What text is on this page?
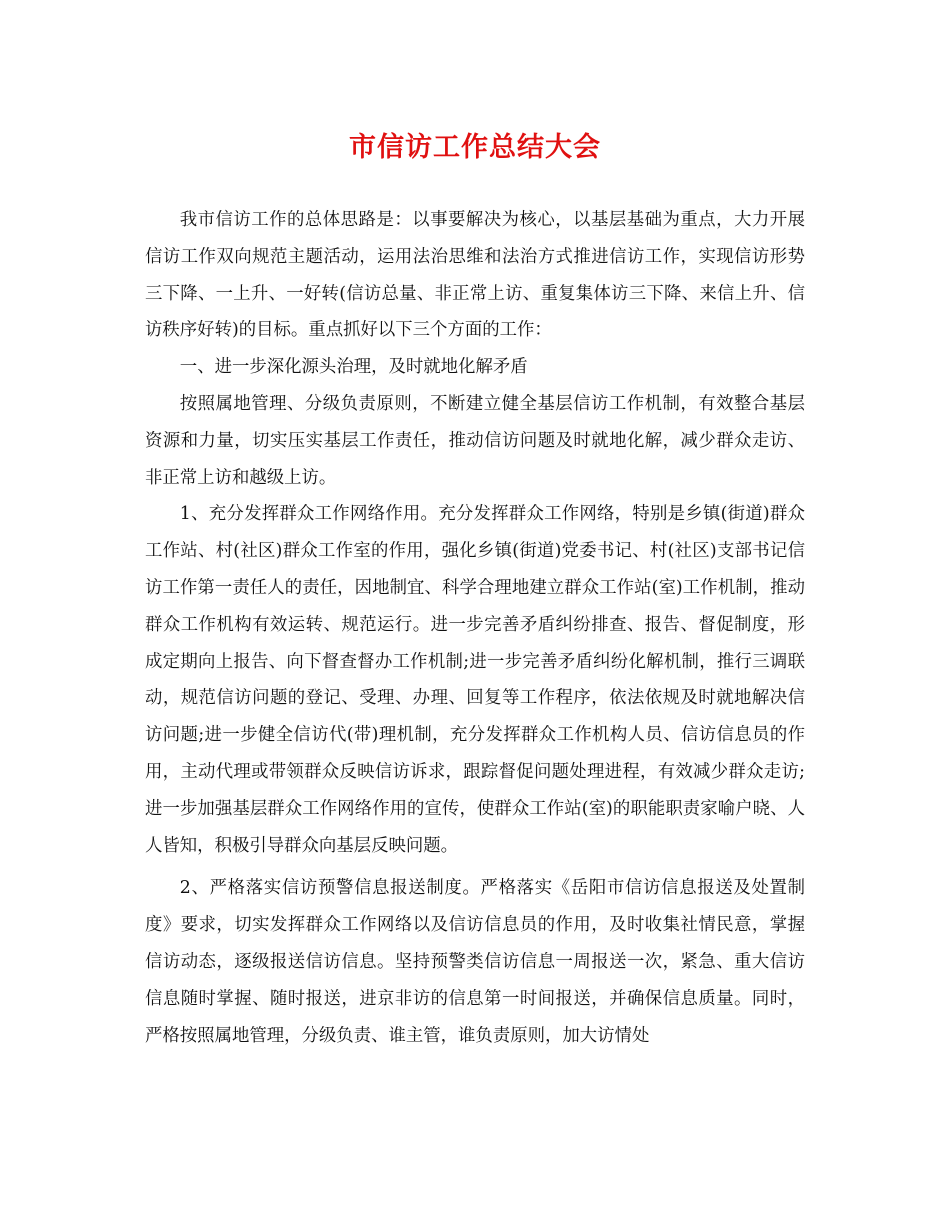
市信访工作总结大会

我市信访工作的总体思路是：以事要解决为核心，以基层基础为重点，大力开展信访工作双向规范主题活动，运用法治思维和法治方式推进信访工作，实现信访形势三下降、一上升、一好转(信访总量、非正常上访、重复集体访三下降、来信上升、信访秩序好转)的目标。重点抓好以下三个方面的工作：

一、进一步深化源头治理，及时就地化解矛盾

按照属地管理、分级负责原则，不断建立健全基层信访工作机制，有效整合基层资源和力量，切实压实基层工作责任，推动信访问题及时就地化解，减少群众走访、非正常上访和越级上访。

1、充分发挥群众工作网络作用。充分发挥群众工作网络，特别是乡镇(街道)群众工作站、村(社区)群众工作室的作用，强化乡镇(街道)党委书记、村(社区)支部书记信访工作第一责任人的责任，因地制宜、科学合理地建立群众工作站(室)工作机制，推动群众工作机构有效运转、规范运行。进一步完善矛盾纠纷排查、报告、督促制度，形成定期向上报告、向下督查督办工作机制;进一步完善矛盾纠纷化解机制，推行三调联动，规范信访问题的登记、受理、办理、回复等工作程序，依法依规及时就地解决信访问题;进一步健全信访代(带)理机制，充分发挥群众工作机构人员、信访信息员的作用，主动代理或带领群众反映信访诉求，跟踪督促问题处理进程，有效减少群众走访;进一步加强基层群众工作网络作用的宣传，使群众工作站(室)的职能职责家喻户晓、人人皆知，积极引导群众向基层反映问题。

2、严格落实信访预警信息报送制度。严格落实《岳阳市信访信息报送及处置制度》要求，切实发挥群众工作网络以及信访信息员的作用，及时收集社情民意，掌握信访动态，逐级报送信访信息。坚持预警类信访信息一周报送一次，紧急、重大信访信息随时掌握、随时报送，进京非访的信息第一时间报送，并确保信息质量。同时，严格按照属地管理，分级负责、谁主管，谁负责原则，加大访情处
